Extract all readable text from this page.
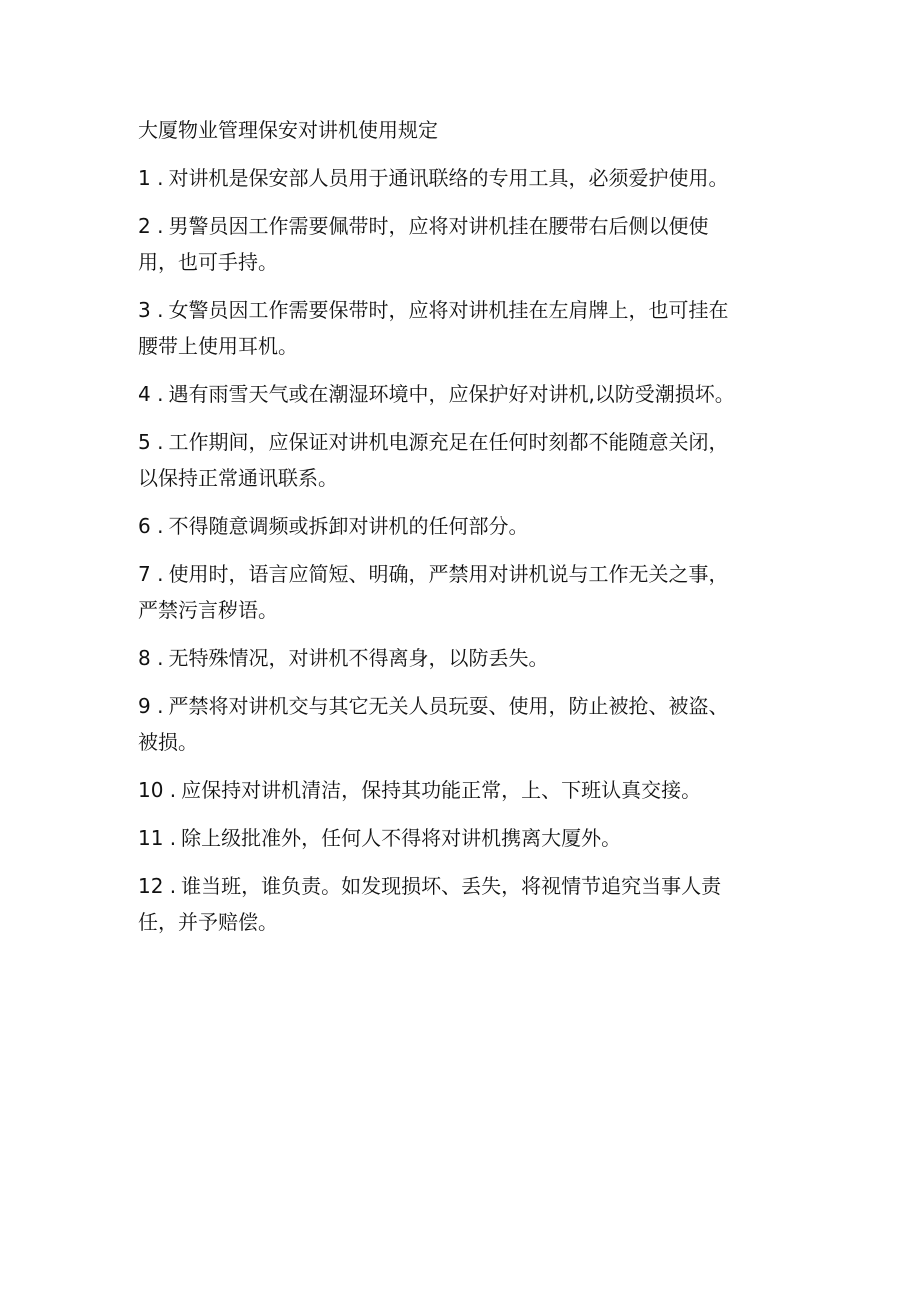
大厦物业管理保安对讲机使用规定
1 . 对讲机是保安部人员用于通讯联络的专用工具，必须爱护使用。
2 . 男警员因工作需要佩带时，应将对讲机挂在腰带右后侧以便使
用，也可手持。
3 . 女警员因工作需要保带时，应将对讲机挂在左肩牌上，也可挂在
腰带上使用耳机。
4 . 遇有雨雪天气或在潮湿环境中，应保护好对讲机,以防受潮损坏。
5 . 工作期间，应保证对讲机电源充足在任何时刻都不能随意关闭，
以保持正常通讯联系。
6 . 不得随意调频或拆卸对讲机的任何部分。
7 . 使用时，语言应简短、明确，严禁用对讲机说与工作无关之事，
严禁污言秽语。
8 . 无特殊情况，对讲机不得离身，以防丢失。
9 . 严禁将对讲机交与其它无关人员玩耍、使用，防止被抢、被盗、
被损。
10 . 应保持对讲机清洁，保持其功能正常，上、下班认真交接。
11 . 除上级批准外，任何人不得将对讲机携离大厦外。
12 . 谁当班，谁负责。如发现损坏、丢失，将视情节追究当事人责
任，并予赔偿。
